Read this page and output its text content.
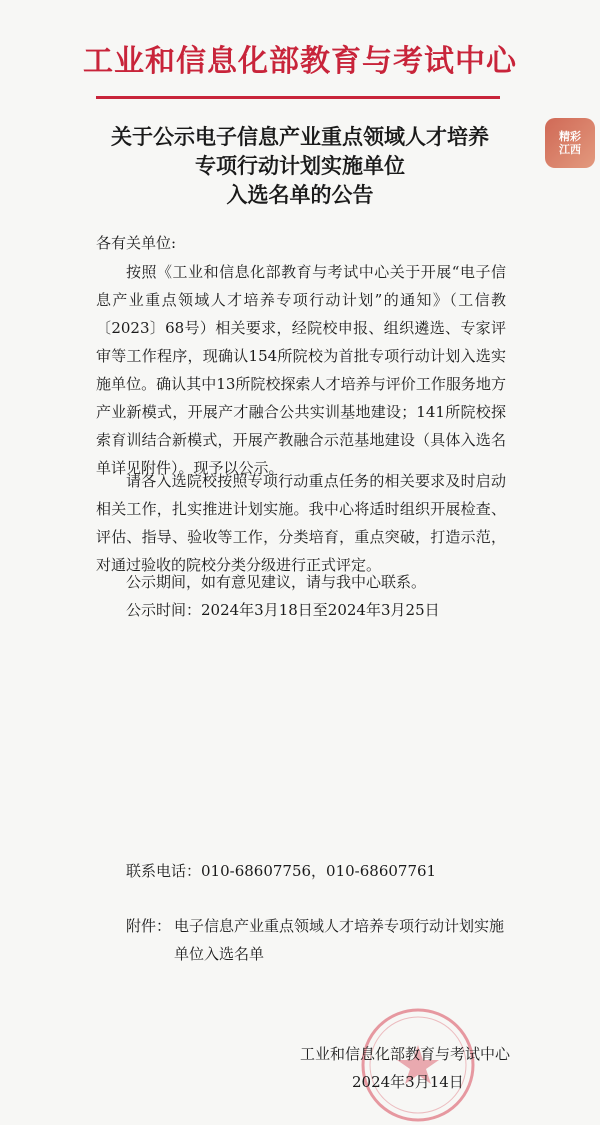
工业和信息化部教育与考试中心
精彩
江西
关于公示电子信息产业重点领域人才培养
专项行动计划实施单位
入选名单的公告
各有关单位:
按照《工业和信息化部教育与考试中心关于开展“电子信息产业重点领域人才培养专项行动计划”的通知》（工信教〔2023〕68号）相关要求，经院校申报、组织遴选、专家评审等工作程序，现确认154所院校为首批专项行动计划入选实施单位。确认其中13所院校探索人才培养与评价工作服务地方产业新模式，开展产才融合公共实训基地建设；141所院校探索育训结合新模式，开展产教融合示范基地建设（具体入选名单详见附件）。现予以公示。
请各入选院校按照专项行动重点任务的相关要求及时启动相关工作，扎实推进计划实施。我中心将适时组织开展检查、评估、指导、验收等工作，分类培育，重点突破，打造示范，对通过验收的院校分类分级进行正式评定。
公示期间，如有意见建议，请与我中心联系。
公示时间：2024年3月18日至2024年3月25日
联系电话：010-68607756，010-68607761
附件： 电子信息产业重点领域人才培养专项行动计划实施单位入选名单
工业和信息化部教育与考试中心
2024年3月14日
